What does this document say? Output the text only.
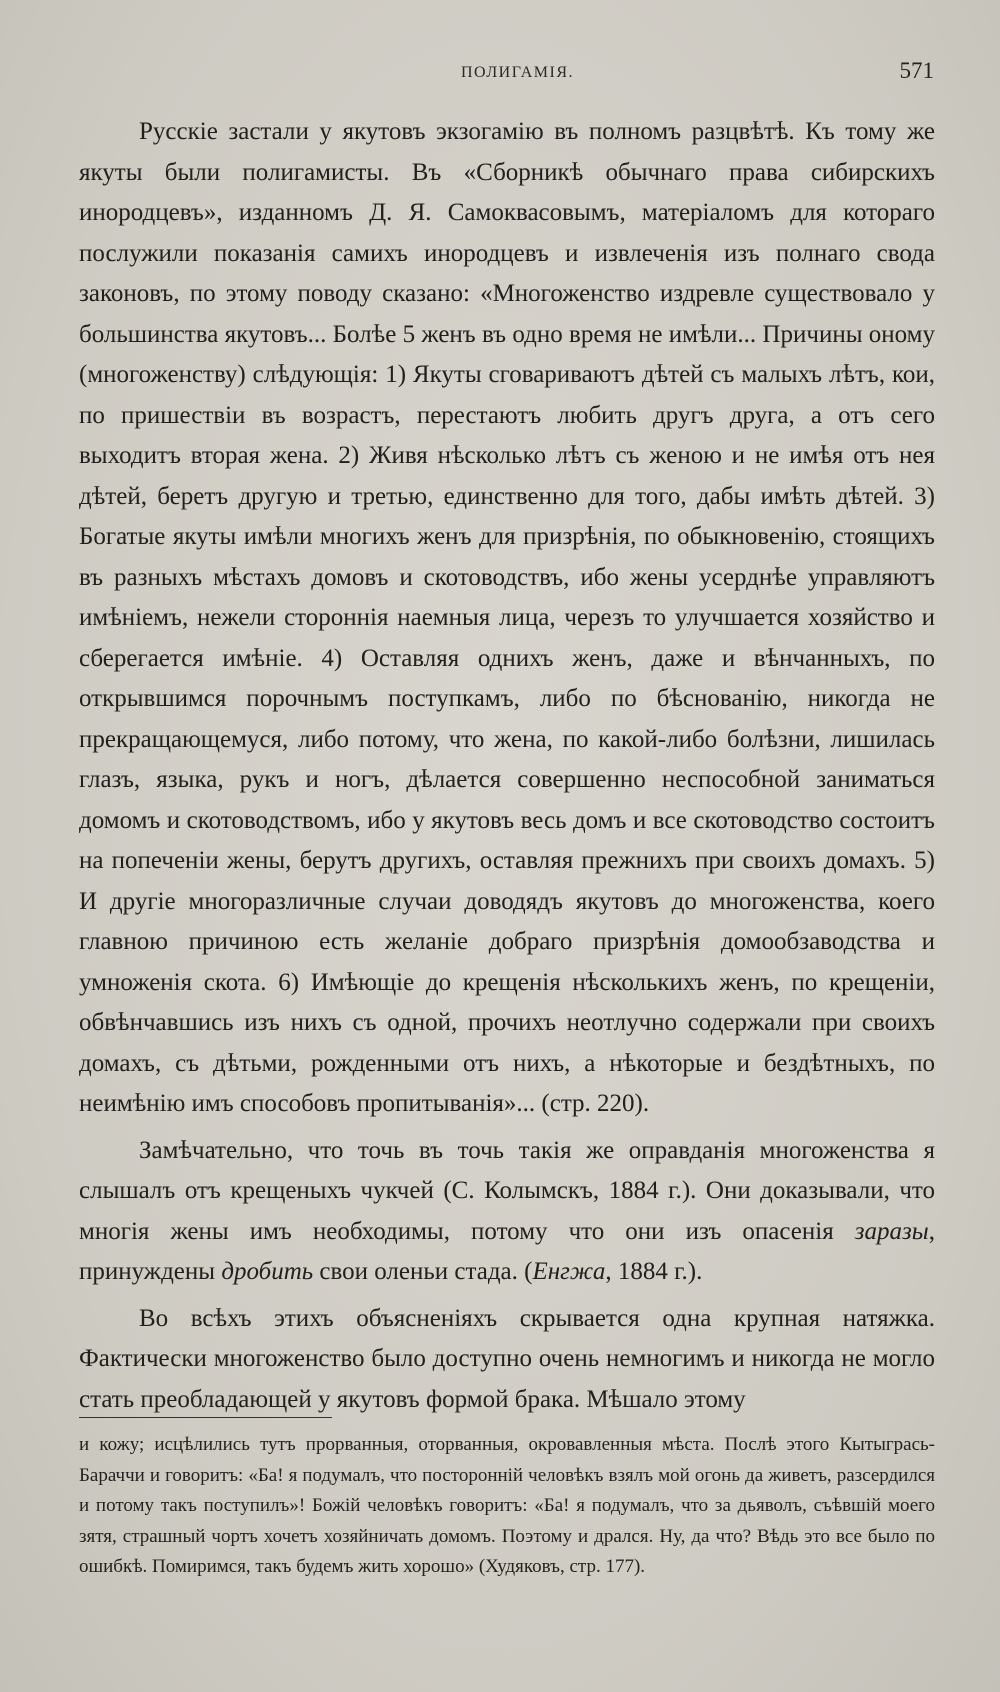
ПОЛИГАМІЯ.	571

Русскіе застали у якутовъ экзогамію въ полномъ разцвѣтѣ. Къ тому же якуты были полигамисты. Въ «Сборникѣ обычнаго права сибирскихъ инородцевъ», изданномъ Д. Я. Самоквасовымъ, матеріаломъ для котораго послужили показанія самихъ инородцевъ и извлеченія изъ полнаго свода законовъ, по этому поводу сказано: «Многоженство издревле существовало у большинства якутовъ... Болѣе 5 женъ въ одно время не имѣли... Причины оному (многоженству) слѣдующія: 1) Якуты сговариваютъ дѣтей съ малыхъ лѣтъ, кои, по пришествіи въ возрастъ, перестаютъ любить другъ друга, а отъ сего выходитъ вторая жена. 2) Живя нѣсколько лѣтъ съ женою и не имѣя отъ нея дѣтей, беретъ другую и третью, единственно для того, дабы имѣть дѣтей. 3) Богатые якуты имѣли многихъ женъ для призрѣнія, по обыкновенію, стоящихъ въ разныхъ мѣстахъ домовъ и скотоводствъ, ибо жены усерднѣе управляютъ имѣніемъ, нежели стороннія наемныя лица, черезъ то улучшается хозяйство и сберегается имѣніе. 4) Оставляя однихъ женъ, даже и вѣнчанныхъ, по открывшимся порочнымъ поступкамъ, либо по бѣснованію, никогда не прекращающемуся, либо потому, что жена, по какой-либо болѣзни, лишилась глазъ, языка, рукъ и ногъ, дѣлается совершенно неспособной заниматься домомъ и скотоводствомъ, ибо у якутовъ весь домъ и все скотоводство состоитъ на попеченіи жены, берутъ другихъ, оставляя прежнихъ при своихъ домахъ. 5) И другіе многоразличные случаи доводядъ якутовъ до многоженства, коего главною причиною есть желаніе добраго призрѣнія домообзаводства и умноженія скота. 6) Имѣющіе до крещенія нѣсколькихъ женъ, по крещеніи, обвѣнчавшись изъ нихъ съ одной, прочихъ неотлучно содержали при своихъ домахъ, съ дѣтьми, рожденными отъ нихъ, а нѣкоторые и бездѣтныхъ, по неимѣнію имъ способовъ пропитыванія»... (стр. 220).

Замѣчательно, что точь въ точь такія же оправданія многоженства я слышалъ отъ крещеныхъ чукчей (С. Колымскъ, 1884 г.). Они доказывали, что многія жены имъ необходимы, потому что они изъ опасенія заразы, принуждены дробить свои оленьи стада. (Енгжа, 1884 г.).

Во всѣхъ этихъ объясненіяхъ скрывается одна крупная натяжка. Фактически многоженство было доступно очень немногимъ и никогда не могло стать преобладающей у якутовъ формой брака. Мѣшало этому

и кожу; исцѣлились тутъ прорванныя, оторванныя, окровавленныя мѣста. Послѣ этого Кытыгрась-Бараччи и говоритъ: «Ба! я подумалъ, что посторонній человѣкъ взялъ мой огонь да живетъ, разсердился и потому такъ поступилъ»! Божій человѣкъ говоритъ: «Ба! я подумалъ, что за дьяволъ, съѣвшій моего зятя, страшный чортъ хочетъ хозяйничать домомъ. Поэтому и дрался. Ну, да что? Вѣдь это все было по ошибкѣ. Помиримся, такъ будемъ жить хорошо» (Худяковъ, стр. 177).
